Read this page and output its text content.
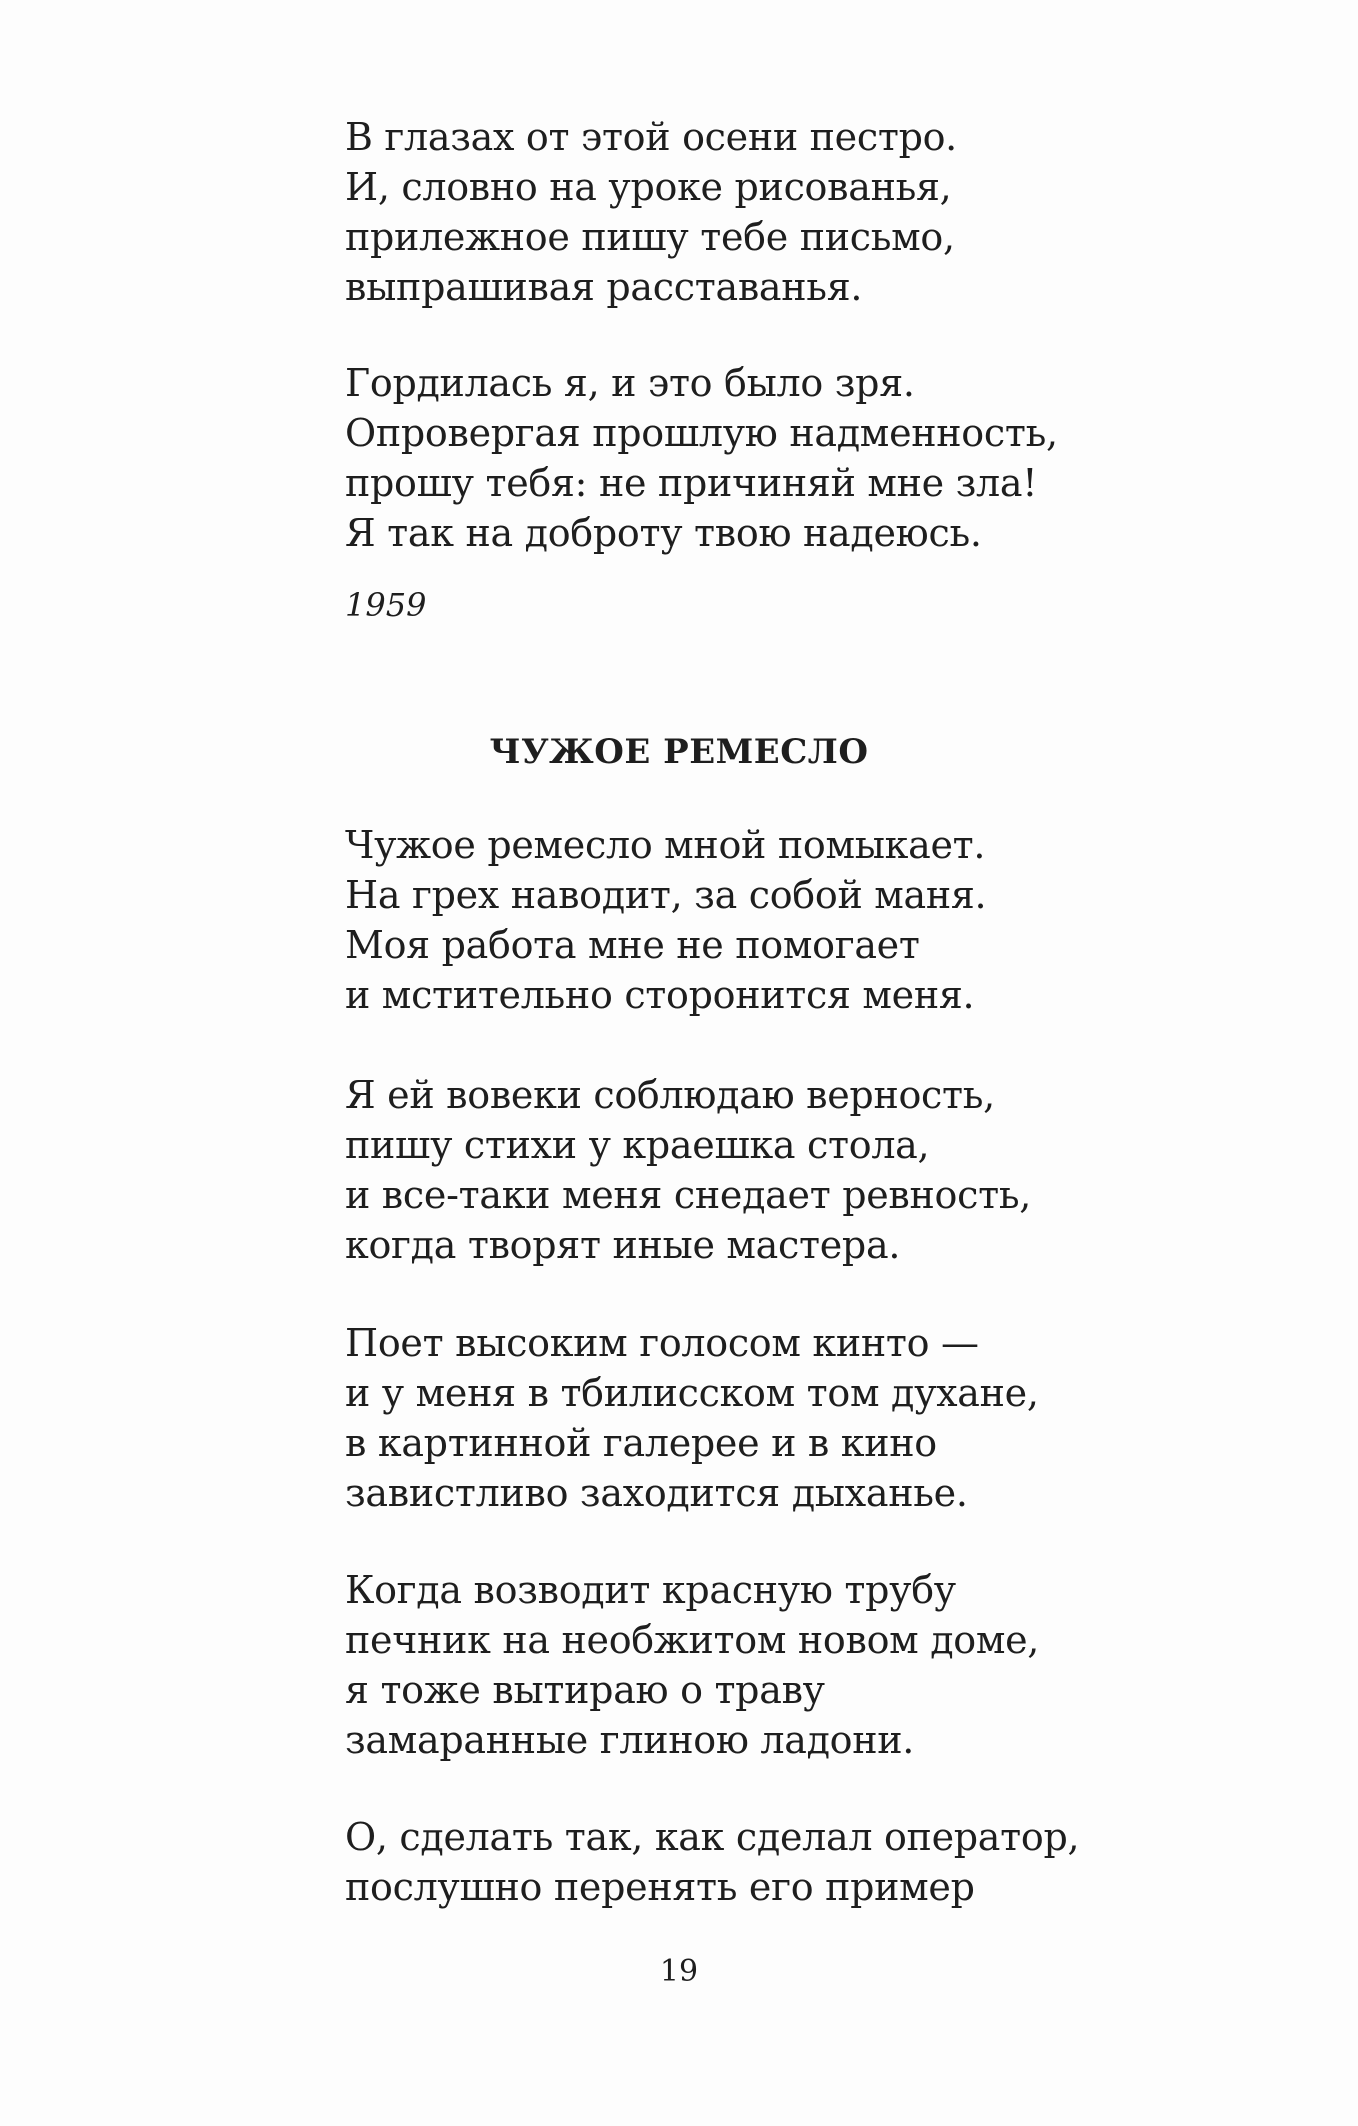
В глазах от этой осени пестро.
И, словно на уроке рисованья,
прилежное пишу тебе письмо,
выпрашивая расставанья.
Гордилась я, и это было зря.
Опровергая прошлую надменность,
прошу тебя: не причиняй мне зла!
Я так на доброту твою надеюсь.
1959
ЧУЖОЕ РЕМЕСЛО
Чужое ремесло мной помыкает.
На грех наводит, за собой маня.
Моя работа мне не помогает
и мстительно сторонится меня.
Я ей вовеки соблюдаю верность,
пишу стихи у краешка стола,
и все-таки меня снедает ревность,
когда творят иные мастера.
Поет высоким голосом кинто —
и у меня в тбилисском том духане,
в картинной галерее и в кино
завистливо заходится дыханье.
Когда возводит красную трубу
печник на необжитом новом доме,
я тоже вытираю о траву
замаранные глиною ладони.
О, сделать так, как сделал оператор,
послушно перенять его пример
19
